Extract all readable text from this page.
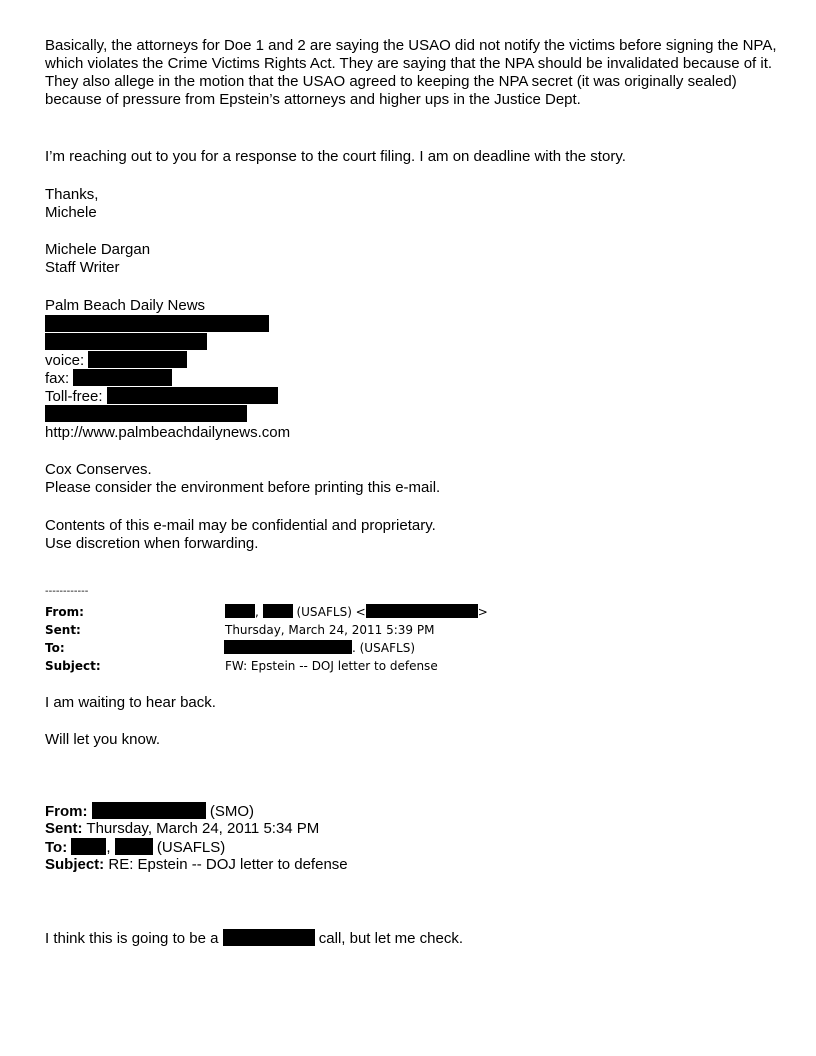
Basically, the attorneys for Doe 1 and 2 are saying the USAO did not notify the victims before signing the NPA, which violates the Crime Victims Rights Act. They are saying that the NPA should be invalidated because of it. They also allege in the motion that the USAO agreed to keeping the NPA secret (it was originally sealed) because of pressure from Epstein’s attorneys and higher ups in the Justice Dept.
I’m reaching out to you for a response to the court filing. I am on deadline with the story.
Thanks,
Michele
Michele Dargan
Staff Writer
Palm Beach Daily News
voice:
fax:
Toll-free:
http://www.palmbeachdailynews.com
Cox Conserves.
Please consider the environment before printing this e-mail.
Contents of this e-mail may be confidential and proprietary.
Use discretion when forwarding.
------------
From:	,	(USAFLS) <	>
Sent:	Thursday, March 24, 2011 5:39 PM
To:	. (USAFLS)
Subject:	FW: Epstein -- DOJ letter to defense
I am waiting to hear back.
Will let you know.
From:	(SMO)
Sent: Thursday, March 24, 2011 5:34 PM
To:	,	(USAFLS)
Subject: RE: Epstein -- DOJ letter to defense
I think this is going to be a	call, but let me check.
